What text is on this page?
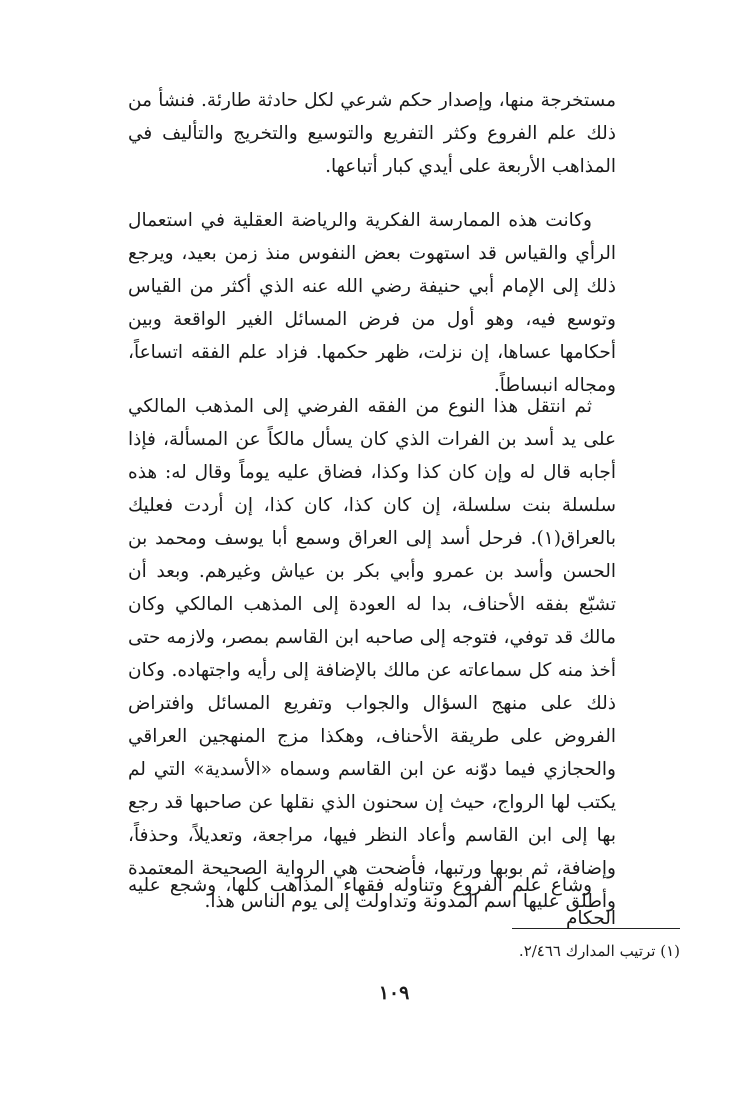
مستخرجة منها، وإصدار حكم شرعي لكل حادثة طارئة. فنشأ من ذلك علم الفروع وكثر التفريع والتوسيع والتخريج والتأليف في المذاهب الأربعة على أيدي كبار أتباعها.

وكانت هذه الممارسة الفكرية والرياضة العقلية في استعمال الرأي والقياس قد استهوت بعض النفوس منذ زمن بعيد، ويرجع ذلك إلى الإمام أبي حنيفة رضي الله عنه الذي أكثر من القياس وتوسع فيه، وهو أول من فرض المسائل الغير الواقعة وبين أحكامها عساها، إن نزلت، ظهر حكمها. فزاد علم الفقه اتساعاً، ومجاله انبساطاً.

ثم انتقل هذا النوع من الفقه الفرضي إلى المذهب المالكي على يد أسد بن الفرات الذي كان يسأل مالكاً عن المسألة، فإذا أجابه قال له وإن كان كذا وكذا، فضاق عليه يوماً وقال له: هذه سلسلة بنت سلسلة، إن كان كذا، كان كذا، إن أردت فعليك بالعراق(١). فرحل أسد إلى العراق وسمع أبا يوسف ومحمد بن الحسن وأسد بن عمرو وأبي بكر بن عياش وغيرهم. وبعد أن تشبّع بفقه الأحناف، بدا له العودة إلى المذهب المالكي وكان مالك قد توفي، فتوجه إلى صاحبه ابن القاسم بمصر، ولازمه حتى أخذ منه كل سماعاته عن مالك بالإضافة إلى رأيه واجتهاده. وكان ذلك على منهج السؤال والجواب وتفريع المسائل وافتراض الفروض على طريقة الأحناف، وهكذا مزج المنهجين العراقي والحجازي فيما دوّنه عن ابن القاسم وسماه «الأسدية» التي لم يكتب لها الرواج، حيث إن سحنون الذي نقلها عن صاحبها قد رجع بها إلى ابن القاسم وأعاد النظر فيها، مراجعة، وتعديلاً، وحذفاً، وإضافة، ثم بوبها ورتبها، فأضحت هي الرواية الصحيحة المعتمدة وأطلق عليها اسم المدونة وتداولت إلى يوم الناس هذا.

وشاع علم الفروع وتناوله فقهاء المذاهب كلها، وشجع عليه الحكام

(١) ترتيب المدارك ٢/٤٦٦.

١٠٩
